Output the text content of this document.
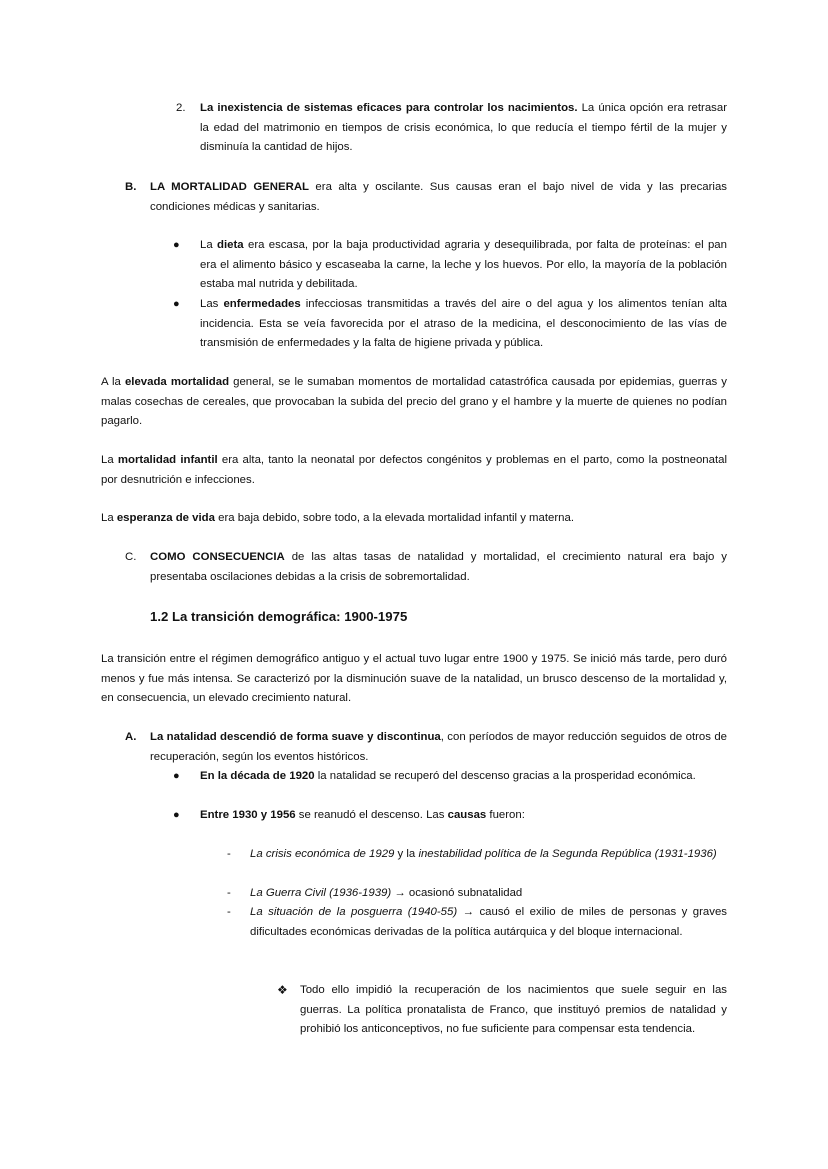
2. La inexistencia de sistemas eficaces para controlar los nacimientos. La única opción era retrasar la edad del matrimonio en tiempos de crisis económica, lo que reducía el tiempo fértil de la mujer y disminuía la cantidad de hijos.

B. LA MORTALIDAD GENERAL era alta y oscilante. Sus causas eran el bajo nivel de vida y las precarias condiciones médicas y sanitarias.

● La dieta era escasa, por la baja productividad agraria y desequilibrada, por falta de proteínas: el pan era el alimento básico y escaseaba la carne, la leche y los huevos. Por ello, la mayoría de la población estaba mal nutrida y debilitada.

● Las enfermedades infecciosas transmitidas a través del aire o del agua y los alimentos tenían alta incidencia. Esta se veía favorecida por el atraso de la medicina, el desconocimiento de las vías de transmisión de enfermedades y la falta de higiene privada y pública.

A la elevada mortalidad general, se le sumaban momentos de mortalidad catastrófica causada por epidemias, guerras y malas cosechas de cereales, que provocaban la subida del precio del grano y el hambre y la muerte de quienes no podían pagarlo.

La mortalidad infantil era alta, tanto la neonatal por defectos congénitos y problemas en el parto, como la postneonatal por desnutrición e infecciones.

La esperanza de vida era baja debido, sobre todo, a la elevada mortalidad infantil y materna.

C. COMO CONSECUENCIA de las altas tasas de natalidad y mortalidad, el crecimiento natural era bajo y presentaba oscilaciones debidas a la crisis de sobremortalidad.

1.2 La transición demográfica: 1900-1975

La transición entre el régimen demográfico antiguo y el actual tuvo lugar entre 1900 y 1975. Se inició más tarde, pero duró menos y fue más intensa. Se caracterizó por la disminución suave de la natalidad, un brusco descenso de la mortalidad y, en consecuencia, un elevado crecimiento natural.

A. La natalidad descendió de forma suave y discontinua, con períodos de mayor reducción seguidos de otros de recuperación, según los eventos históricos.

● En la década de 1920 la natalidad se recuperó del descenso gracias a la prosperidad económica.

● Entre 1930 y 1956 se reanudó el descenso. Las causas fueron:

- La crisis económica de 1929 y la inestabilidad política de la Segunda República (1931-1936)

- La Guerra Civil (1936-1939) → ocasionó subnatalidad

- La situación de la posguerra (1940-55) → causó el exilio de miles de personas y graves dificultades económicas derivadas de la política autárquica y del bloque internacional.

❖ Todo ello impidió la recuperación de los nacimientos que suele seguir en las guerras. La política pronatalista de Franco, que instituyó premios de natalidad y prohibió los anticonceptivos, no fue suficiente para compensar esta tendencia.
